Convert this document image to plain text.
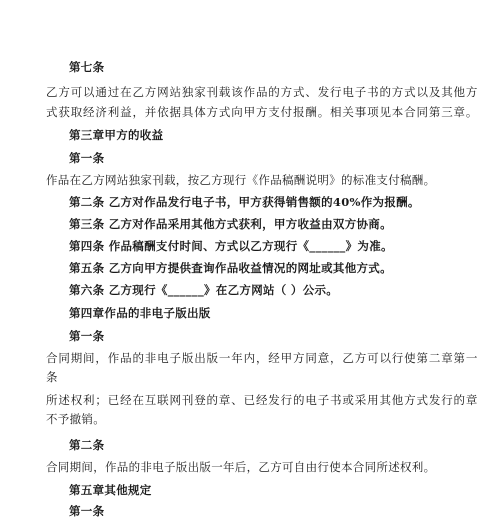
第七条
乙方可以通过在乙方网站独家刊载该作品的方式、发行电子书的方式以及其他方
式获取经济利益，并依据具体方式向甲方支付报酬。相关事项见本合同第三章。
第三章甲方的收益
第一条
作品在乙方网站独家刊载，按乙方现行《作品稿酬说明》的标准支付稿酬。
第二条 乙方对作品发行电子书，甲方获得销售额的40%作为报酬。
第三条 乙方对作品采用其他方式获利，甲方收益由双方协商。
第四条 作品稿酬支付时间、方式以乙方现行《______》为准。
第五条 乙方向甲方提供查询作品收益情况的网址或其他方式。
第六条 乙方现行《______》在乙方网站（ ）公示。
第四章作品的非电子版出版
第一条
合同期间，作品的非电子版出版一年内，经甲方同意，乙方可以行使第二章第一
条
所述权利；已经在互联网刊登的章、已经发行的电子书或采用其他方式发行的章
不予撤销。
第二条
合同期间，作品的非电子版出版一年后，乙方可自由行使本合同所述权利。
第五章其他规定
第一条
